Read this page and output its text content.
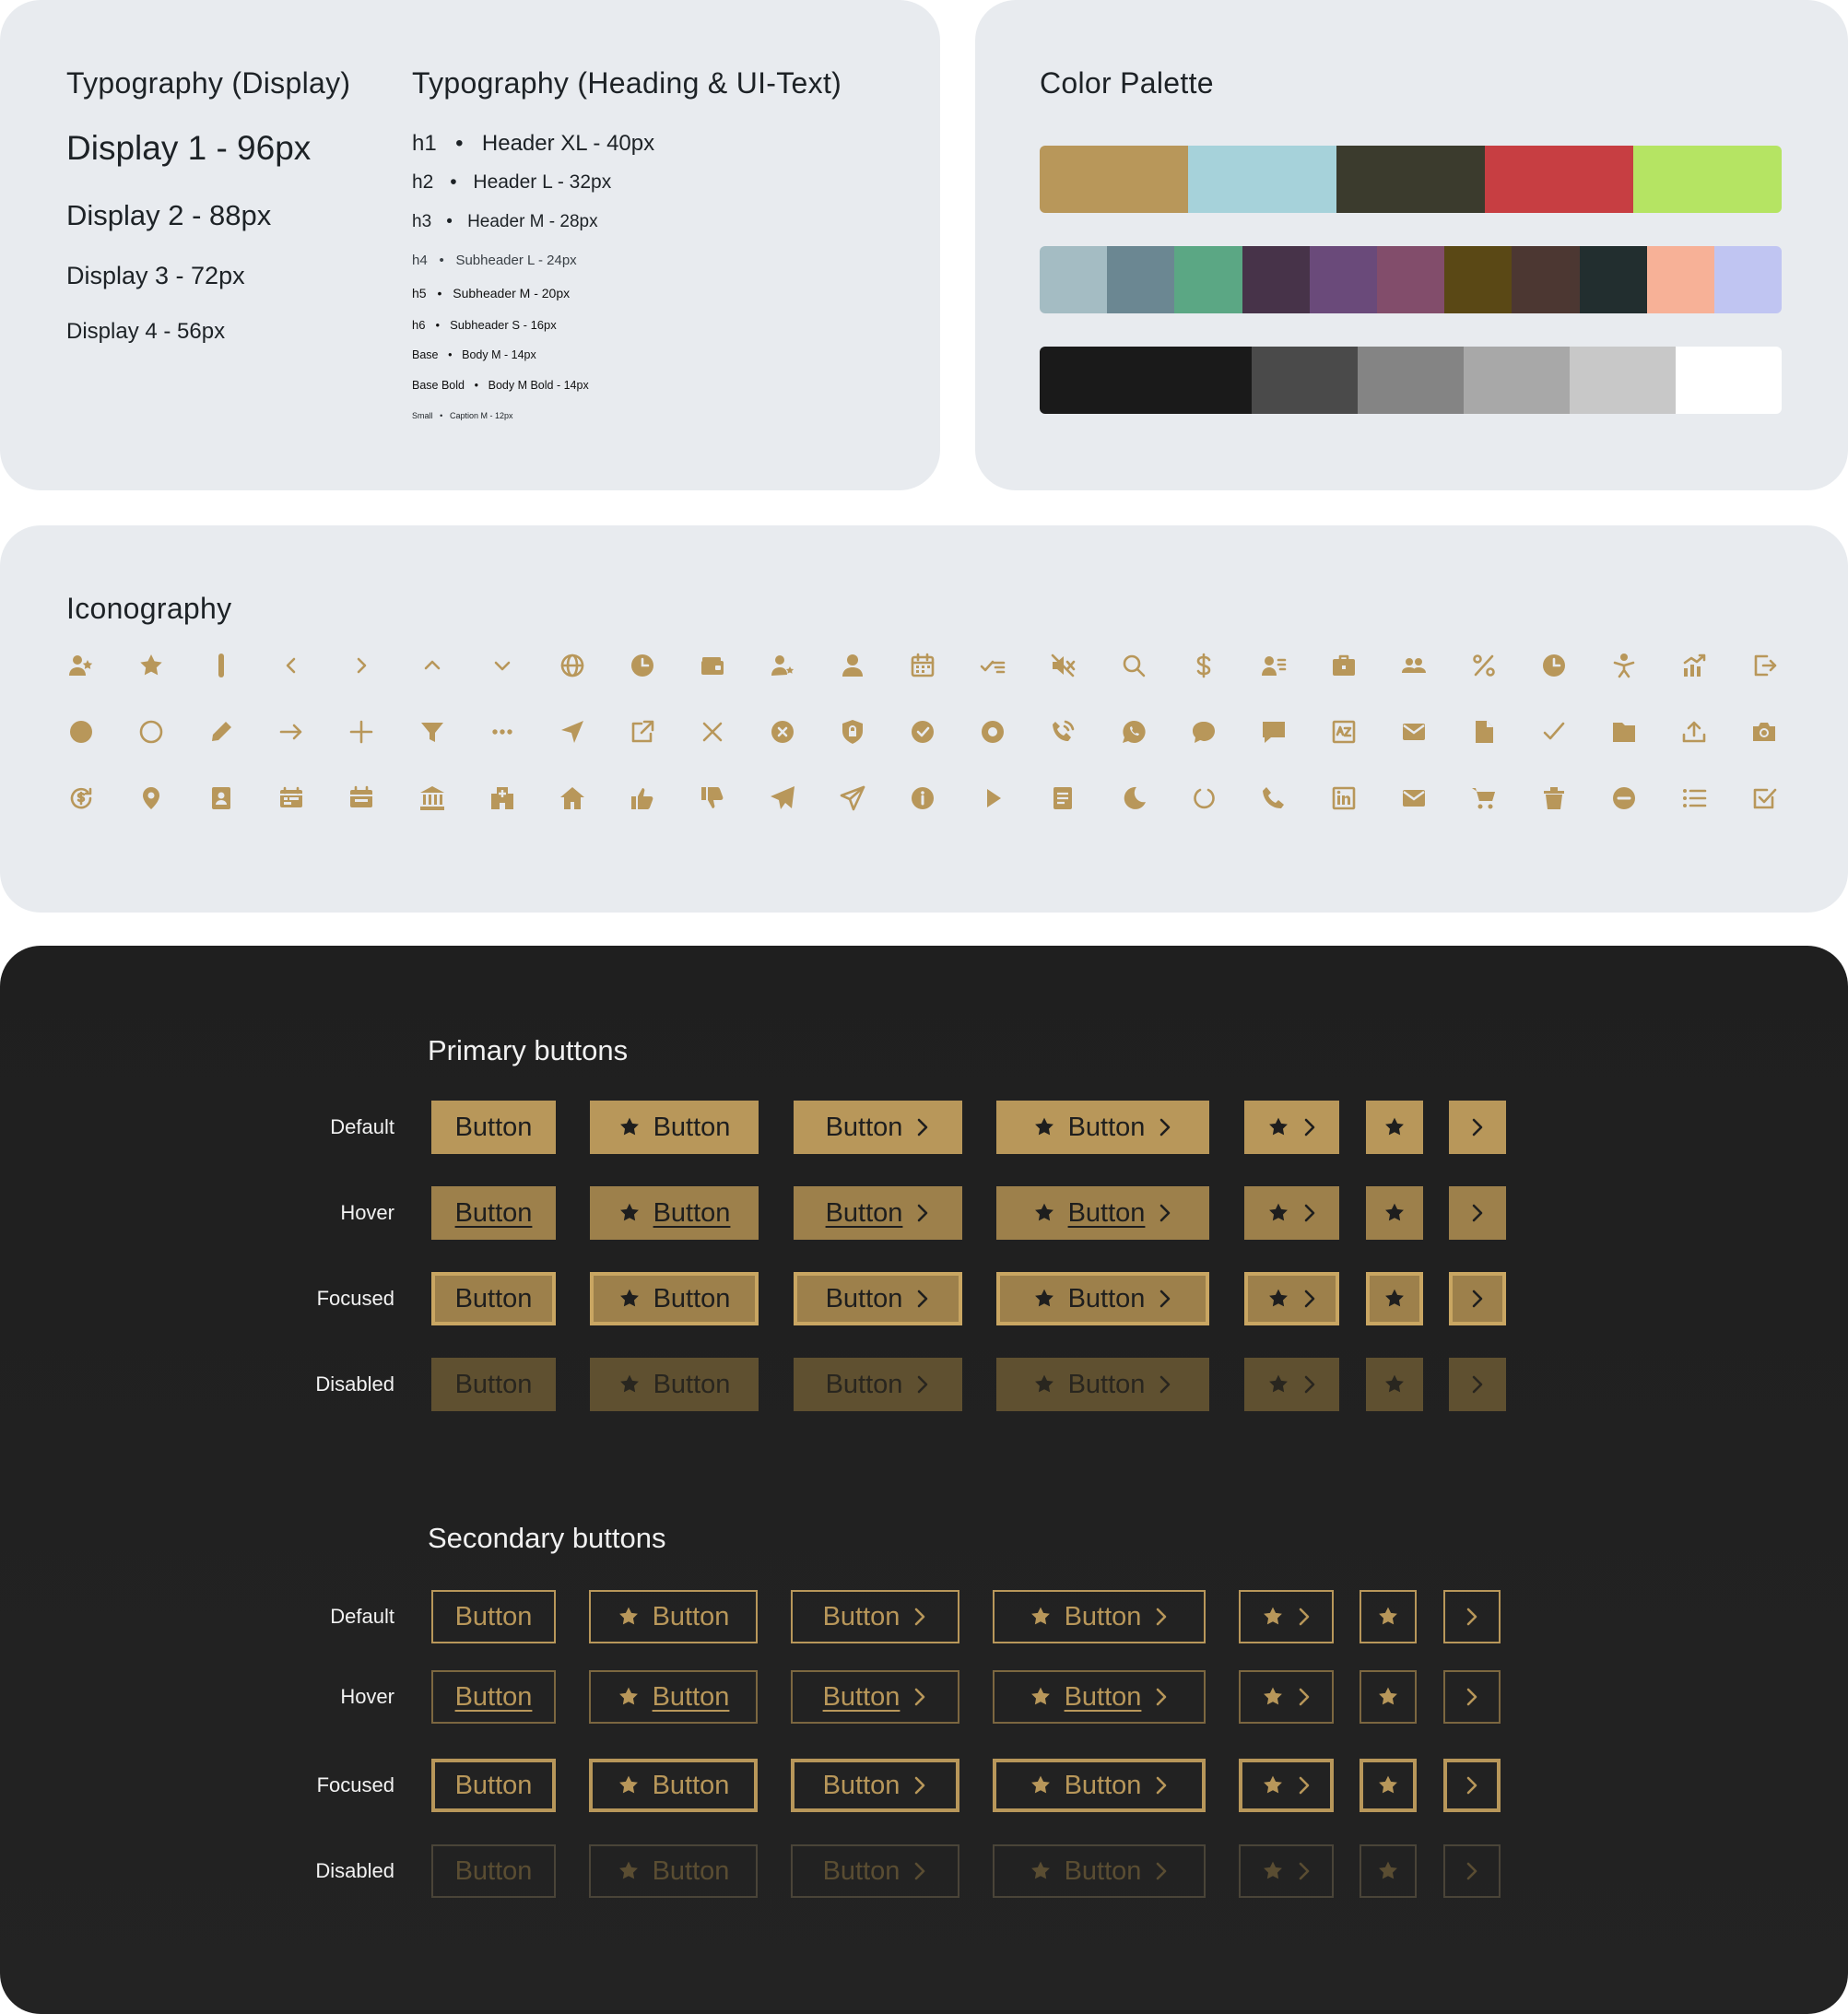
Typography (Display)
Display 1 - 96px
Display 2 - 88px
Display 3 - 72px
Display 4 - 56px
Typography (Heading & UI-Text)
h1 • Header XL - 40px
h2 • Header L - 32px
h3 • Header M - 28px
h4 • Subheader L - 24px
h5 • Subheader M - 20px
h6 • Subheader S - 16px
Base • Body M - 14px
Base Bold • Body M Bold - 14px
Small • Caption M - 12px
Color Palette
Iconography
Primary buttons
Secondary buttons
Default Button	Button	Button	Button
Hover Button	Button	Button	Button
Focused Button	Button	Button	Button
Disabled Button	Button	Button	Button
Default Button	Button	Button	Button
Hover Button	Button	Button	Button
Focused Button	Button	Button	Button
Disabled Button	Button	Button	Button
